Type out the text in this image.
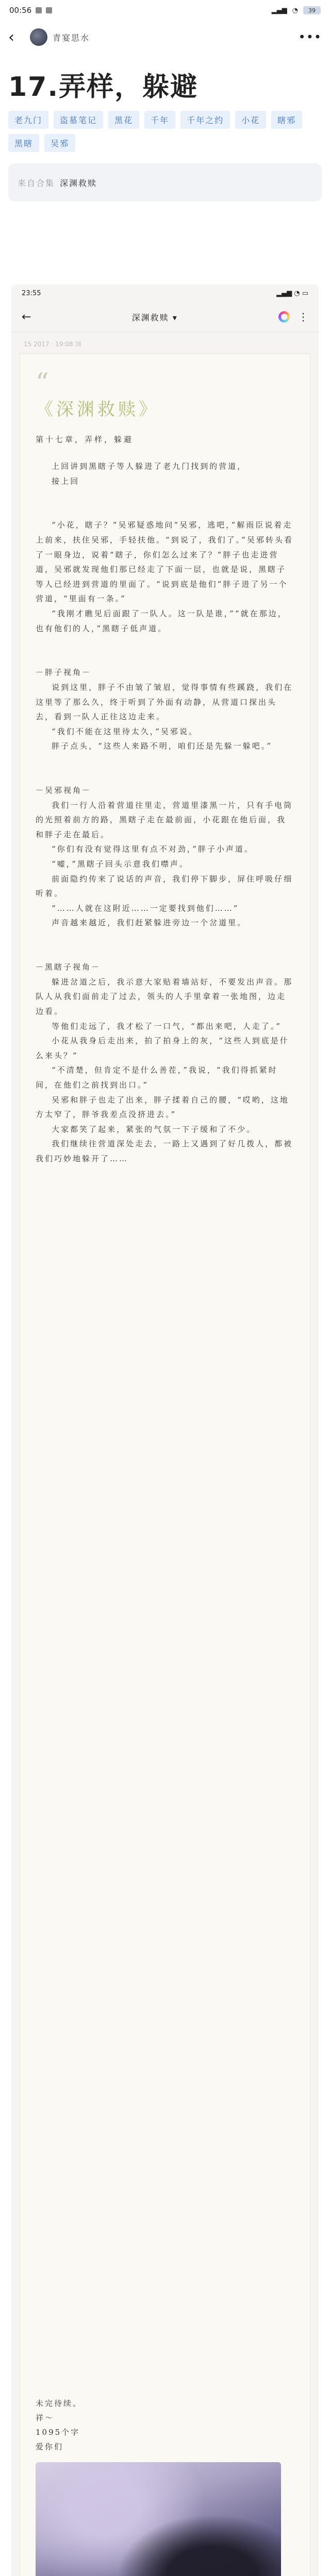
00:56	▂▄▆ ◔	39
‹	青宴思水	•••
17.弄样，躲避
老九门	盗墓笔记	黑花	千年	千年之约	小花	瞎邪
黑瞎	吴邪
来自合集 深渊救赎
23:55	▂▄▆ ◔ ▭
←	深渊救赎 ▾	⋮
15 2017 · 19:08 浏
“
《深渊救赎》
第十七章，弄样，躲避
上回讲到黑瞎子等人躲进了老九门找到的营道，
接上回

“小花，瞎子？”吴邪疑惑地问“吴邪，逃吧，”解雨臣说着走上前来，扶住吴邪，手轻扶他。“到说了，我们了。”吴邪转头看了一眼身边，说着“瞎子，你们怎么过来了？”胖子也走进营道，吴邪就发现他们那已经走了下面一层，也就是说，黑瞎子等人已经进到营道的里面了。“说到底是他们”胖子进了另一个营道，“里面有一条。”
“我刚才瞧见后面跟了一队人。这一队是谁，”“就在那边，也有他们的人，”黑瞎子低声道。

－胖子视角－
说到这里，胖子不由皱了皱眉，觉得事情有些蹊跷，我们在这里等了那么久，终于听到了外面有动静，从营道口探出头去，看到一队人正往这边走来。
“我们不能在这里待太久，”吴邪说。
胖子点头，“这些人来路不明，咱们还是先躲一躲吧。”

－吴邪视角－
我们一行人沿着营道往里走，营道里漆黑一片，只有手电筒的光照着前方的路，黑瞎子走在最前面，小花跟在他后面，我和胖子走在最后。
“你们有没有觉得这里有点不对劲，”胖子小声道。
“嘘，”黑瞎子回头示意我们噤声。
前面隐约传来了说话的声音，我们停下脚步，屏住呼吸仔细听着。
“……人就在这附近……一定要找到他们……”
声音越来越近，我们赶紧躲进旁边一个岔道里。

－黑瞎子视角－
躲进岔道之后，我示意大家贴着墙站好，不要发出声音。那队人从我们面前走了过去，领头的人手里拿着一张地图，边走边看。
等他们走远了，我才松了一口气，“都出来吧，人走了。”
小花从我身后走出来，拍了拍身上的灰，“这些人到底是什么来头？”
“不清楚，但肯定不是什么善茬，”我说，“我们得抓紧时间，在他们之前找到出口。”
吴邪和胖子也走了出来，胖子揉着自己的腰，“哎哟，这地方太窄了，胖爷我差点没挤进去。”
大家都笑了起来，紧张的气氛一下子缓和了不少。
我们继续往营道深处走去，一路上又遇到了好几拨人，都被我们巧妙地躲开了……
未完待续。
祥～
1095个字
爱你们
